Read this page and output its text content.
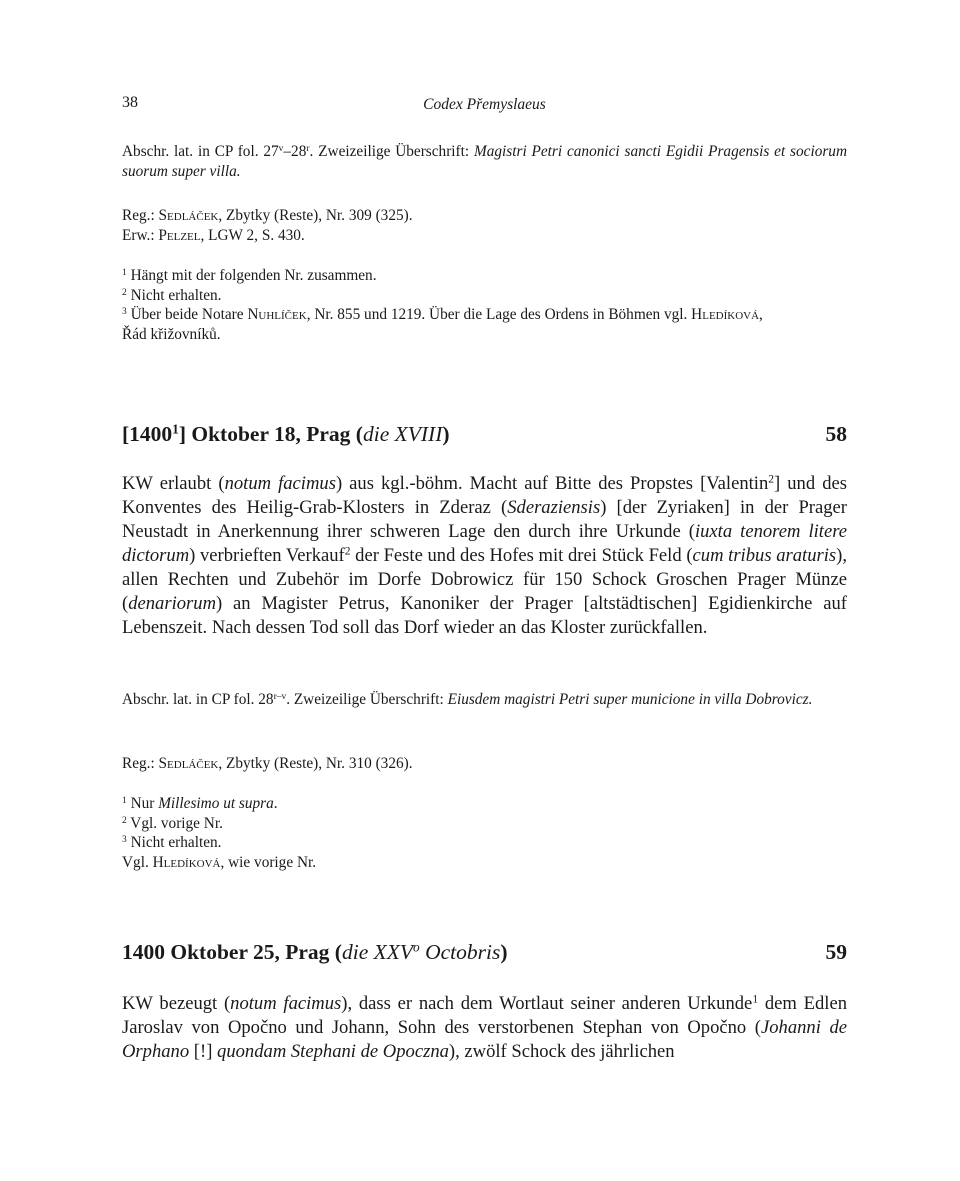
38	Codex Přemyslaeus

Abschr. lat. in CP fol. 27$^v$–28$^r$. Zweizeilige Überschrift: Magistri Petri canonici sancti Egidii Pragensis et sociorum suorum super villa.

Reg.: Sedláček, Zbytky (Reste), Nr. 309 (325).
Erw.: Pelzel, LGW 2, S. 430.

$^1$ Hängt mit der folgenden Nr. zusammen.

$^2$ Nicht erhalten.

$^3$ Über beide Notare Nuhlíček, Nr. 855 und 1219. Über die Lage des Ordens in Böhmen vgl. Hledíková,
Řád křižovníků.

[1400$^1$] Oktober 18, Prag (die XVIII)	58

KW erlaubt (notum facimus) aus kgl.-böhm. Macht auf Bitte des Propstes [Valentin$^2$] und des Konventes des Heilig-Grab-Klosters in Zderaz (Sderaziensis) [der Zyriaken] in der Prager Neustadt in Anerkennung ihrer schweren Lage den durch ihre Urkunde (iuxta tenorem litere dictorum) verbrieften Verkauf$^2$ der Feste und des Hofes mit drei Stück Feld (cum tribus araturis), allen Rechten und Zubehör im Dorfe Dobrowicz für 150 Schock Groschen Prager Münze (denariorum) an Magister Petrus, Kanoniker der Prager [altstädtischen] Egidienkirche auf Lebenszeit. Nach dessen Tod soll das Dorf wieder an das Kloster zurückfallen.

Abschr. lat. in CP fol. 28$^{r-v}$. Zweizeilige Überschrift: Eiusdem magistri Petri super municione in villa Dobrovicz.

Reg.: Sedláček, Zbytky (Reste), Nr. 310 (326).

$^1$ Nur Millesimo ut supra.

$^2$ Vgl. vorige Nr.

$^3$ Nicht erhalten.

Vgl. Hledíková, wie vorige Nr.

1400 Oktober 25, Prag (die XXV$^o$ Octobris)	59

KW bezeugt (notum facimus), dass er nach dem Wortlaut seiner anderen Urkunde$^1$ dem Edlen Jaroslav von Opočno und Johann, Sohn des verstorbenen Stephan von Opočno (Johanni de Orphano [!] quondam Stephani de Opoczna), zwölf Schock des jährlichen
